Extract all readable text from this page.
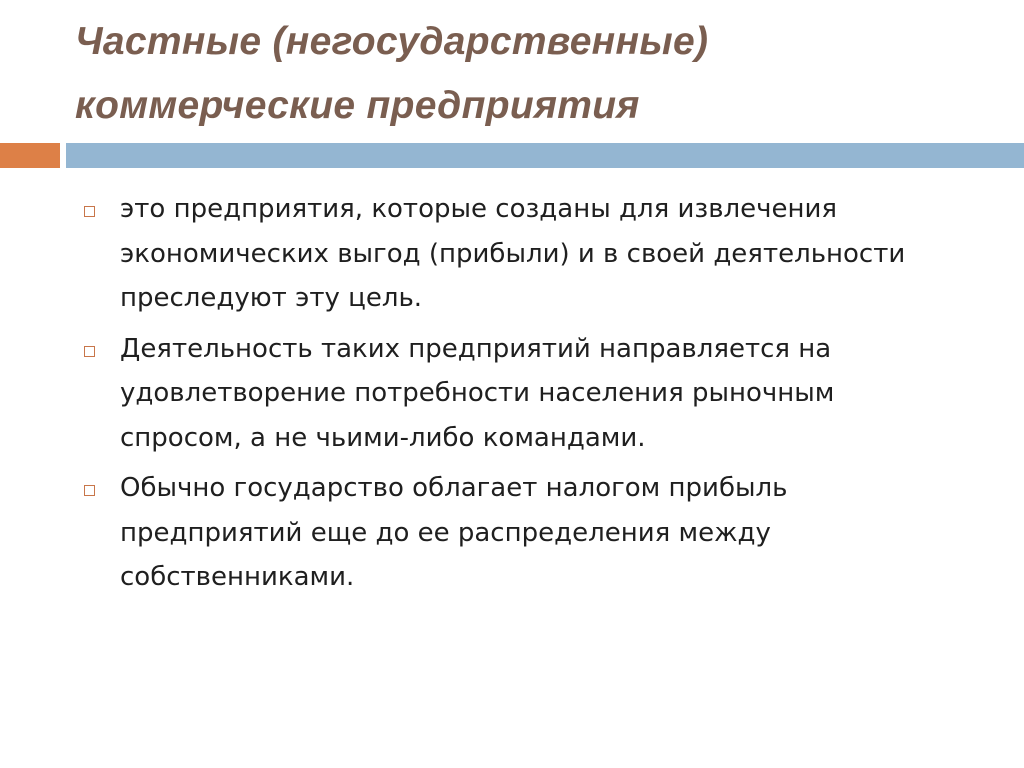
Частные (негосударственные)
коммерческие предприятия
это предприятия, которые созданы для извлечения экономических выгод (прибыли) и в своей деятельности преследуют эту цель.
Деятельность таких предприятий направляется на удовлетворение потребности населения рыночным спросом, а не чьими-либо командами.
Обычно государство облагает налогом прибыль предприятий еще до ее распределения между собственниками.
